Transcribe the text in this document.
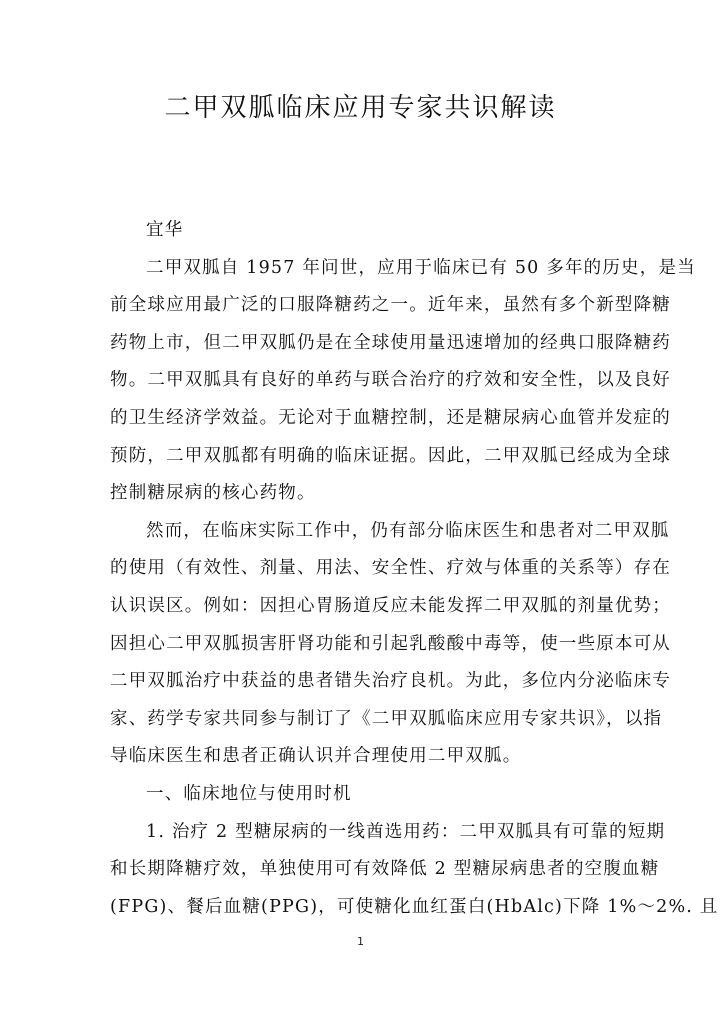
二甲双胍临床应用专家共识解读
宜华
二甲双胍自 1957 年问世，应用于临床已有 50 多年的历史，是当
前全球应用最广泛的口服降糖药之一。近年来，虽然有多个新型降糖
药物上市，但二甲双胍仍是在全球使用量迅速增加的经典口服降糖药
物。二甲双胍具有良好的单药与联合治疗的疗效和安全性，以及良好
的卫生经济学效益。无论对于血糖控制，还是糖尿病心血管并发症的
预防，二甲双胍都有明确的临床证据。因此，二甲双胍已经成为全球
控制糖尿病的核心药物。
然而，在临床实际工作中，仍有部分临床医生和患者对二甲双胍
的使用（有效性、剂量、用法、安全性、疗效与体重的关系等）存在
认识误区。例如：因担心胃肠道反应未能发挥二甲双胍的剂量优势；
因担心二甲双胍损害肝肾功能和引起乳酸酸中毒等，使一些原本可从
二甲双胍治疗中获益的患者错失治疗良机。为此，多位内分泌临床专
家、药学专家共同参与制订了《二甲双胍临床应用专家共识》，以指
导临床医生和患者正确认识并合理使用二甲双胍。
一、临床地位与使用时机
1. 治疗 2 型糖尿病的一线酋选用药：二甲双胍具有可靠的短期
和长期降糖疗效，单独使用可有效降低 2 型糖尿病患者的空腹血糖
(FPG)、餐后血糖(PPG)，可使糖化血红蛋白(HbAlc)下降 1%～2%. 且
1
